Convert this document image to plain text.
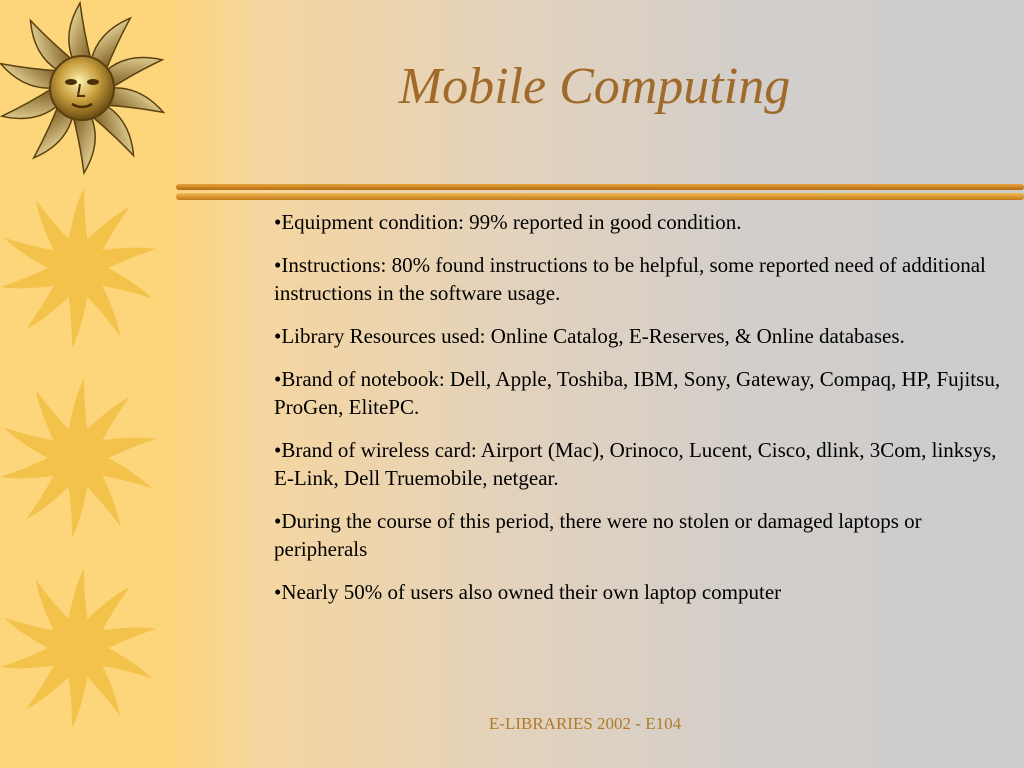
Mobile Computing
•Equipment condition: 99% reported in good condition.
•Instructions: 80% found instructions to be helpful, some reported need of additional instructions in the software usage.
•Library Resources used: Online Catalog, E-Reserves, & Online databases.
•Brand of notebook: Dell, Apple, Toshiba, IBM, Sony, Gateway, Compaq, HP, Fujitsu, ProGen, ElitePC.
•Brand of wireless card: Airport (Mac), Orinoco, Lucent, Cisco, dlink, 3Com, linksys, E-Link, Dell Truemobile, netgear.
•During the course of this period, there were no stolen or damaged laptops or peripherals
•Nearly 50% of users also owned their own laptop computer
E-LIBRARIES 2002 - E104
